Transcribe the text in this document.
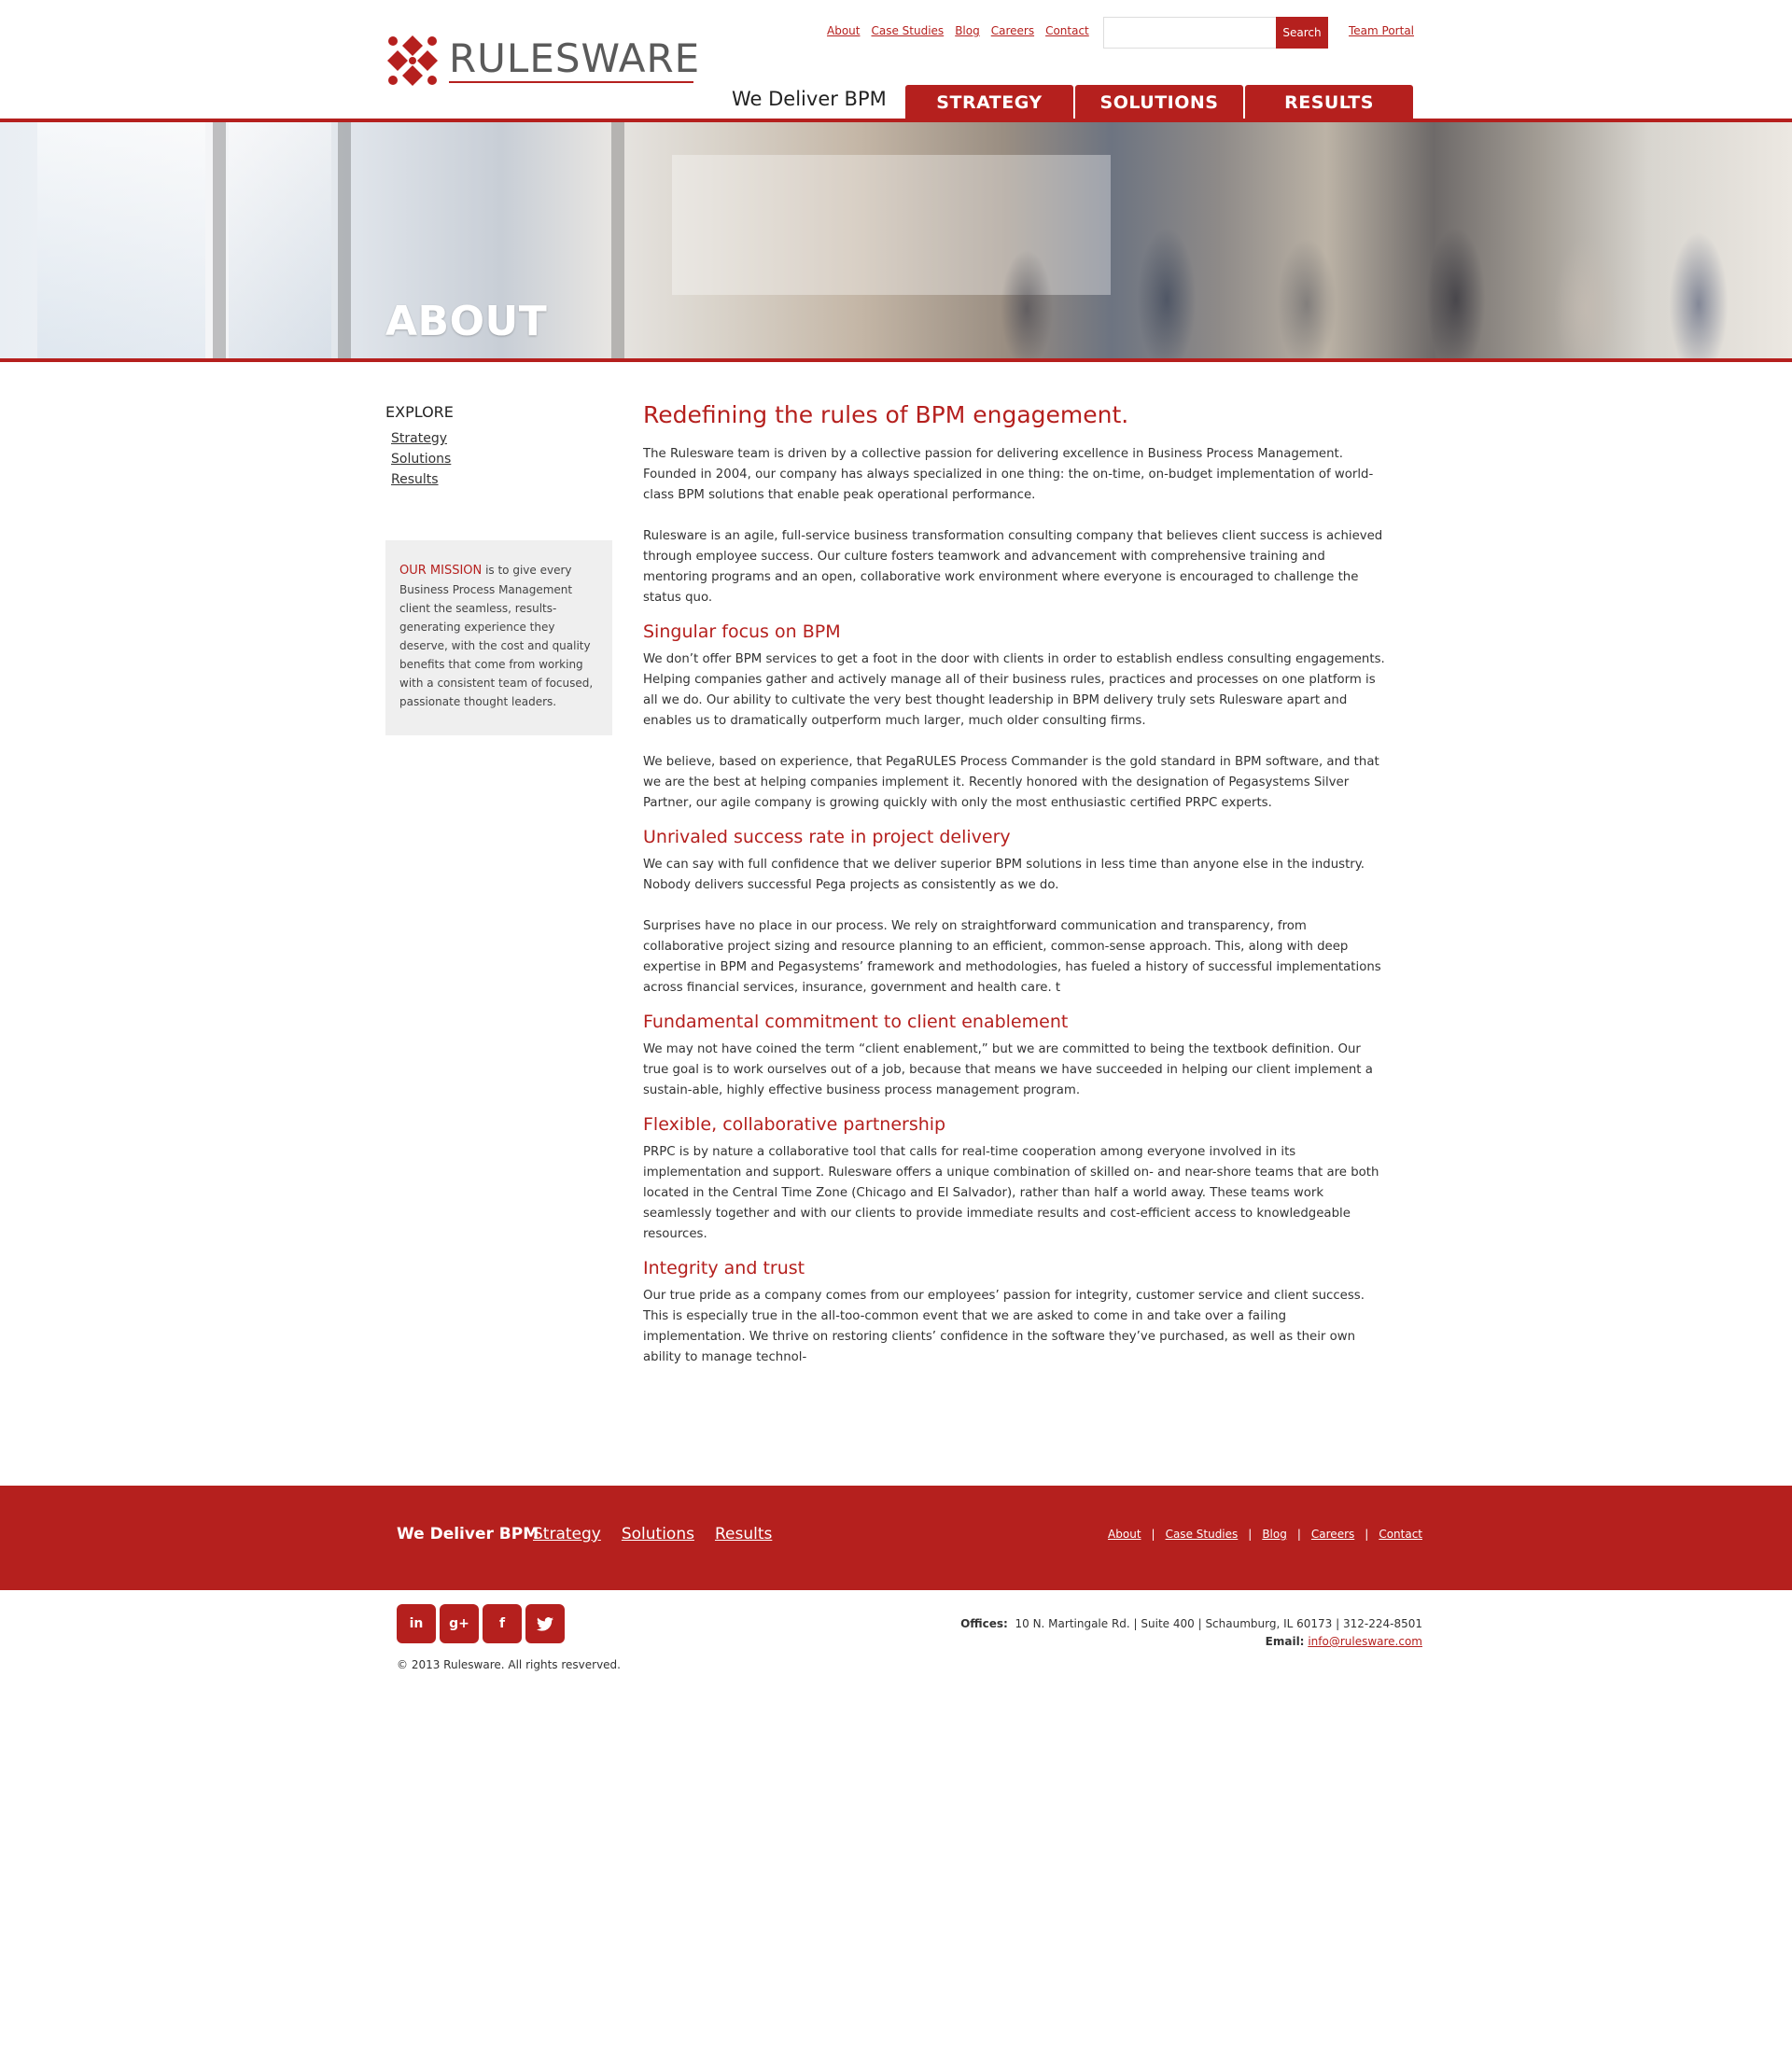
RULESWARE
About Case Studies Blog Careers Contact	Search	Team Portal
We Deliver BPM	STRATEGY	SOLUTIONS	RESULTS
ABOUT
EXPLORE
Strategy
Solutions
Results
OUR MISSION is to give every Business Process Management client the seamless, results-generating experience they deserve, with the cost and quality benefits that come from working with a consistent team of focused, passionate thought leaders.
Redefining the rules of BPM engagement.

The Rulesware team is driven by a collective passion for delivering excellence in Business Process Management. Founded in 2004, our company has always specialized in one thing: the on-time, on-budget implementation of world-class BPM solutions that enable peak operational performance.

Rulesware is an agile, full-service business transformation consulting company that believes client success is achieved through employee success. Our culture fosters teamwork and advancement with comprehensive training and mentoring programs and an open, collaborative work environment where everyone is encouraged to challenge the status quo.

Singular focus on BPM

We don’t offer BPM services to get a foot in the door with clients in order to establish endless consulting engagements. Helping companies gather and actively manage all of their business rules, practices and processes on one platform is all we do. Our ability to cultivate the very best thought leadership in BPM delivery truly sets Rulesware apart and enables us to dramatically outperform much larger, much older consulting firms.

We believe, based on experience, that PegaRULES Process Commander is the gold standard in BPM software, and that we are the best at helping companies implement it. Recently honored with the designation of Pegasystems Silver Partner, our agile company is growing quickly with only the most enthusiastic certified PRPC experts.

Unrivaled success rate in project delivery

We can say with full confidence that we deliver superior BPM solutions in less time than anyone else in the industry. Nobody delivers successful Pega projects as consistently as we do.

Surprises have no place in our process. We rely on straightforward communication and transparency, from collaborative project sizing and resource planning to an efficient, common-sense approach. This, along with deep expertise in BPM and Pegasystems’ framework and methodologies, has fueled a history of successful implementations across financial services, insurance, government and health care. t

Fundamental commitment to client enablement

We may not have coined the term “client enablement,” but we are committed to being the textbook definition. Our true goal is to work ourselves out of a job, because that means we have succeeded in helping our client implement a sustain-able, highly effective business process management program.

Flexible, collaborative partnership

PRPC is by nature a collaborative tool that calls for real-time cooperation among everyone involved in its implementation and support. Rulesware offers a unique combination of skilled on- and near-shore teams that are both located in the Central Time Zone (Chicago and El Salvador), rather than half a world away. These teams work seamlessly together and with our clients to provide immediate results and cost-efficient access to knowledgeable resources.

Integrity and trust

Our true pride as a company comes from our employees’ passion for integrity, customer service and client success. This is especially true in the all-too-common event that we are asked to come in and take over a failing implementation. We thrive on restoring clients’ confidence in the software they’ve purchased, as well as their own ability to manage technol-

We Deliver BPM
Strategy Solutions Results	About | Case Studies | Blog | Careers | Contact
in	g+	f
© 2013 Rulesware. All rights resverved.
Offices: 10 N. Martingale Rd. | Suite 400 | Schaumburg, IL 60173 | 312-224-8501
Email: info@rulesware.com
